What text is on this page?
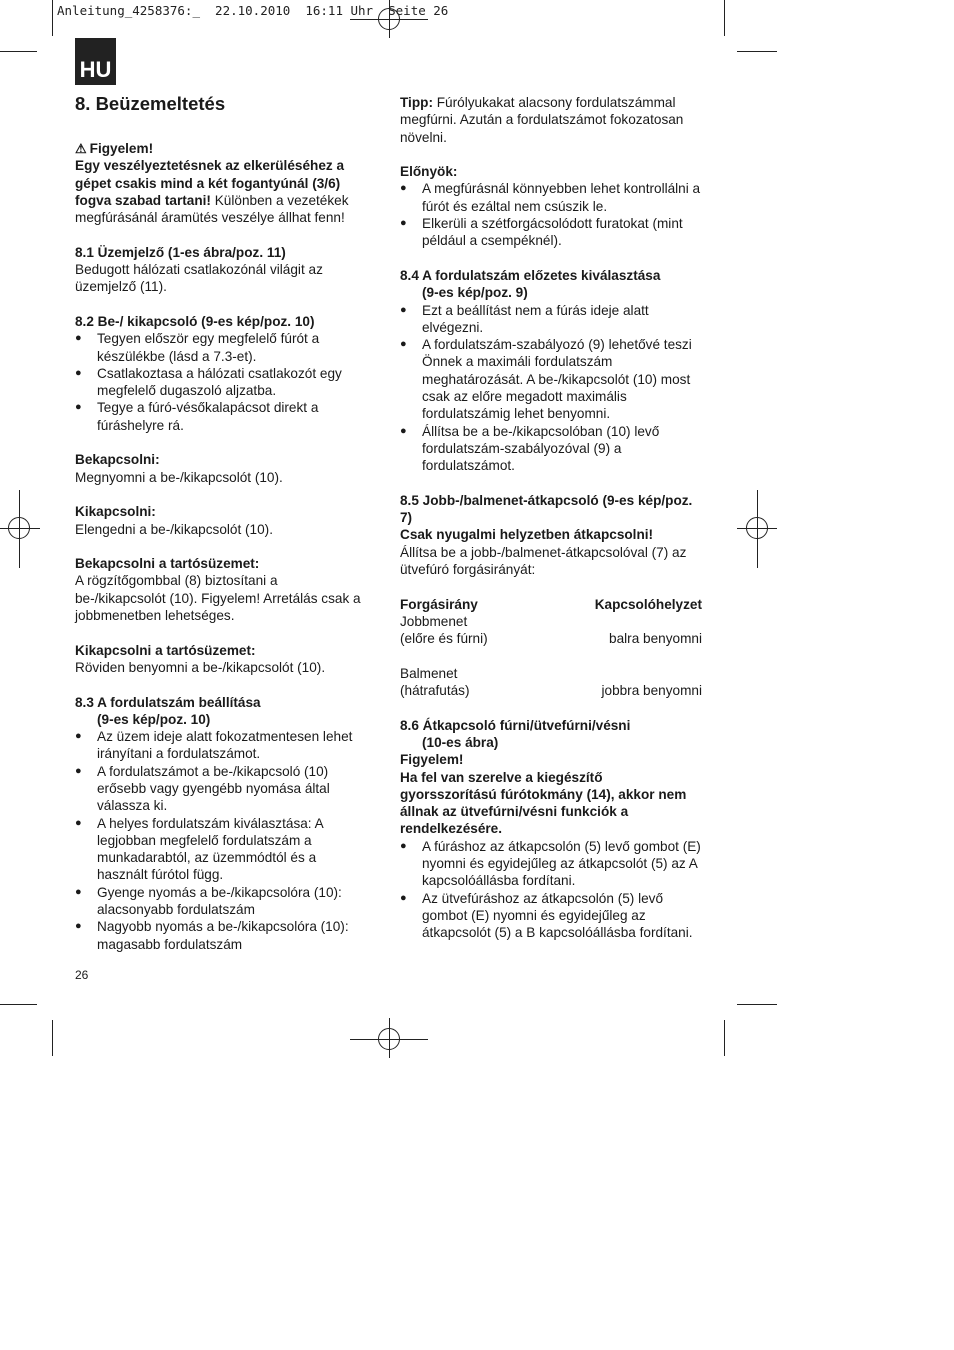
Anleitung_4258376:_  22.10.2010  16:11 Uhr  Seite 26
HU
8. Beüzemeltetés

⚠ Figyelem!

Egy veszélyeztetésnek az elkerüléséhez a gépet csakis mind a két fogantyúnál (3/6) fogva szabad tartani! Különben a vezetékek megfúrásánál áramütés veszélye állhat fenn!

8.1 Üzemjelző (1-es ábra/poz. 11)

Bedugott hálózati csatlakozónál világit az üzemjelző (11).

8.2 Be-/ kikapcsoló (9-es kép/poz. 10)

● Tegyen először egy megfelelő fúrót a készülékbe (lásd a 7.3-et).
● Csatlakoztasa a hálózati csatlakozót egy megfelelő dugaszoló aljzatba.
● Tegye a fúró-vésőkalapácsot direkt a fúráshelyre rá.

Bekapcsolni:

Megnyomni a be-/kikapcsolót (10).

Kikapcsolni:

Elengedni a be-/kikapcsolót (10).

Bekapcsolni a tartósüzemet:

A rögzítőgombbal (8) biztosítani a be-/kikapcsolót (10). Figyelem! Arretálás csak a jobbmenetben lehetséges.

Kikapcsolni a tartósüzemet:

Röviden benyomni a be-/kikapcsolót (10).

8.3 A fordulatszám beállítása

(9-es kép/poz. 10)

● Az üzem ideje alatt fokozatmentesen lehet irányítani a fordulatszámot.
● A fordulatszámot a be-/kikapcsoló (10) erősebb vagy gyengébb nyomása által válassza ki.
● A helyes fordulatszám kiválasztása: A legjobban megfelelő fordulatszám a munkadarabtól, az üzemmódtól és a használt fúrótol függ.
● Gyenge nyomás a be-/kikapcsolóra (10): alacsonyabb fordulatszám
● Nagyobb nyomás a be-/kikapcsolóra (10): magasabb fordulatszám
26

Tipp: Fúrólyukakat alacsony fordulatszámmal megfúrni. Azután a fordulatszámot fokozatosan növelni.

Előnyök:

● A megfúrásnál könnyebben lehet kontrollálni a fúrót és ezáltal nem csúszik le.
● Elkerüli a szétforgácsolódott furatokat (mint például a csempéknél).

8.4 A fordulatszám előzetes kiválasztása

(9-es kép/poz. 9)

● Ezt a beállítást nem a fúrás ideje alatt elvégezni.
● A fordulatszám-szabályozó (9) lehetővé teszi Önnek a maximáli fordulatszám meghatározását. A be-/kikapcsolót (10) most csak az előre megadott maximális fordulatszámig lehet benyomni.
● Állítsa be a be-/kikapcsolóban (10) levő fordulatszám-szabályozóval (9) a fordulatszámot.

8.5 Jobb-/balmenet-átkapcsoló (9-es kép/poz. 7)

Csak nyugalmi helyzetben átkapcsolni!

Állítsa be a jobb-/balmenet-átkapcsolóval (7) az ütvefúró forgásirányát:

Forgásirány	Kapcsolóhelyzet
Jobbmenet
(előre és fúrni)	balra benyomni
Balmenet
(hátrafutás)	jobbra benyomni

8.6 Átkapcsoló fúrni/ütvefúrni/vésni

(10-es ábra)

Figyelem!

Ha fel van szerelve a kiegészítő gyorsszorítású fúrótokmány (14), akkor nem állnak az ütvefúrni/vésni funkciók a rendelkezésére.

● A fúráshoz az átkapcsolón (5) levő gombot (E) nyomni és egyidejűleg az átkapcsolót (5) az A kapcsolóállásba fordítani.
● Az ütvefúráshoz az átkapcsolón (5) levő gombot (E) nyomni és egyidejűleg az átkapcsolót (5) a B kapcsolóállásba fordítani.
